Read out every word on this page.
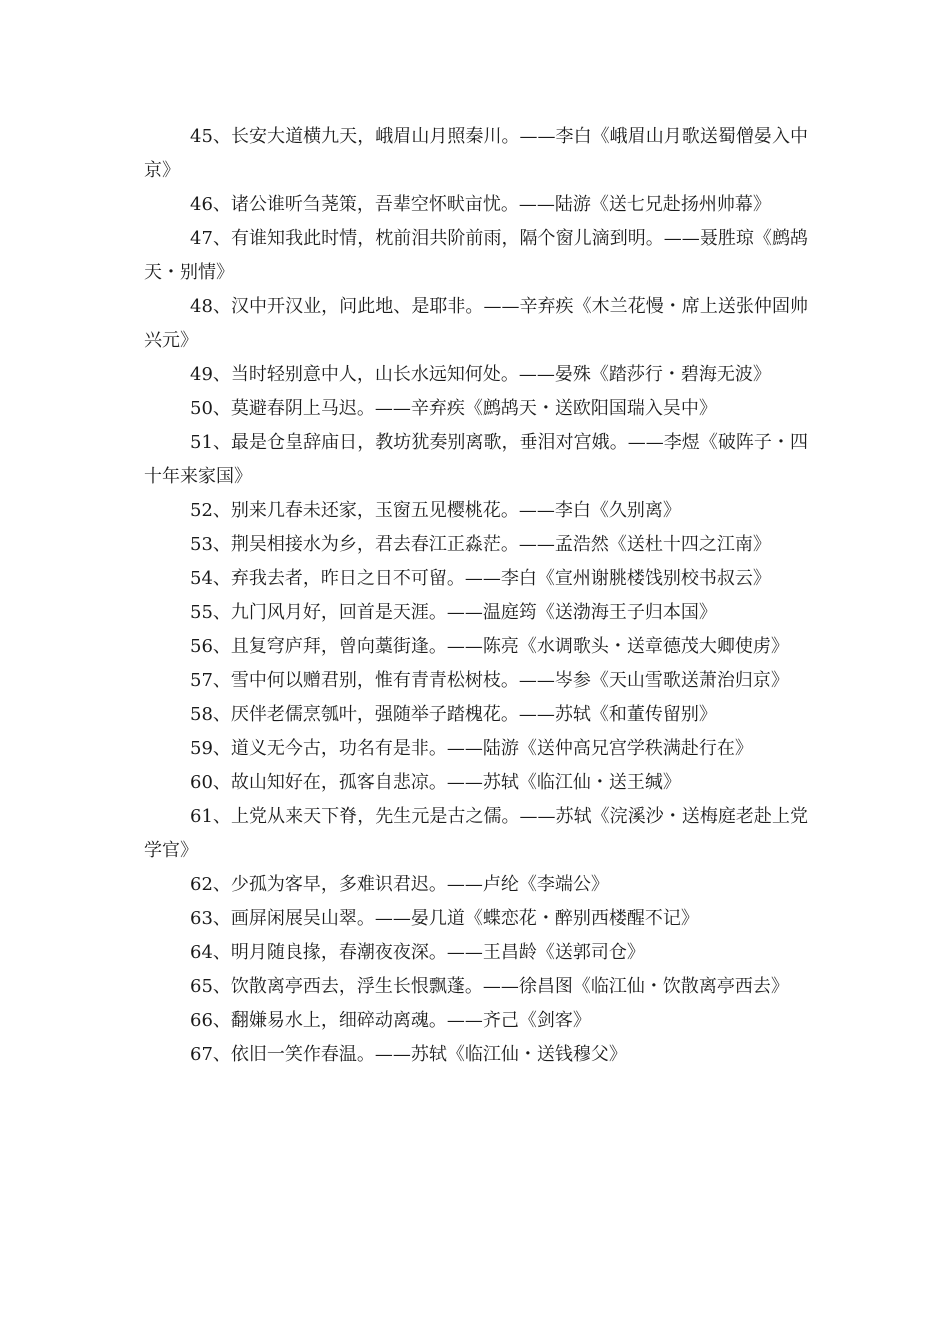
45、长安大道横九天，峨眉山月照秦川。——李白《峨眉山月歌送蜀僧晏入中京》

46、诸公谁听刍荛策，吾辈空怀畎亩忧。——陆游《送七兄赴扬州帅幕》

47、有谁知我此时情，枕前泪共阶前雨，隔个窗儿滴到明。——聂胜琼《鹧鸪天・别情》

48、汉中开汉业，问此地、是耶非。——辛弃疾《木兰花慢・席上送张仲固帅兴元》

49、当时轻别意中人，山长水远知何处。——晏殊《踏莎行・碧海无波》

50、莫避春阴上马迟。——辛弃疾《鹧鸪天・送欧阳国瑞入吴中》

51、最是仓皇辞庙日，教坊犹奏别离歌，垂泪对宫娥。——李煜《破阵子・四十年来家国》

52、别来几春未还家，玉窗五见樱桃花。——李白《久别离》

53、荆吴相接水为乡，君去春江正淼茫。——孟浩然《送杜十四之江南》

54、弃我去者，昨日之日不可留。——李白《宣州谢脁楼饯别校书叔云》

55、九门风月好，回首是天涯。——温庭筠《送渤海王子归本国》

56、且复穹庐拜，曾向藁街逢。——陈亮《水调歌头・送章德茂大卿使虏》

57、雪中何以赠君别，惟有青青松树枝。——岑参《天山雪歌送萧治归京》

58、厌伴老儒烹瓠叶，强随举子踏槐花。——苏轼《和董传留别》

59、道义无今古，功名有是非。——陆游《送仲高兄宫学秩满赴行在》

60、故山知好在，孤客自悲凉。——苏轼《临江仙・送王缄》

61、上党从来天下脊，先生元是古之儒。——苏轼《浣溪沙・送梅庭老赴上党学官》

62、少孤为客早，多难识君迟。——卢纶《李端公》

63、画屏闲展吴山翠。——晏几道《蝶恋花・醉别西楼醒不记》

64、明月随良掾，春潮夜夜深。——王昌龄《送郭司仓》

65、饮散离亭西去，浮生长恨飘蓬。——徐昌图《临江仙・饮散离亭西去》

66、翻嫌易水上，细碎动离魂。——齐己《剑客》

67、依旧一笑作春温。——苏轼《临江仙・送钱穆父》
